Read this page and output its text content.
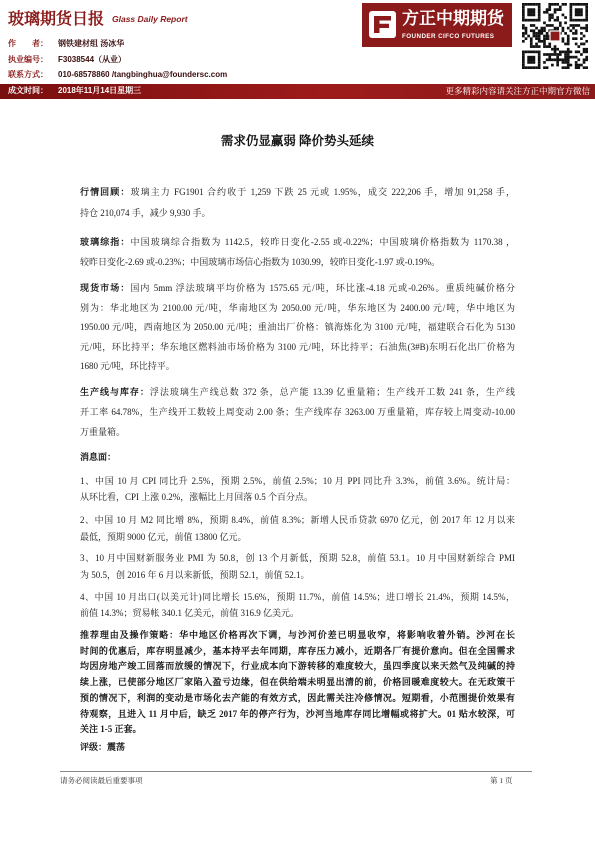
玻璃期货日报 Glass Daily Report
作　　者： 钢铁建材组 汤冰华
执业编号： F3038544（从业）
联系方式： 010-68578860 /tangbinghua@foundersc.com
成文时间： 2018年11月14日星期三	更多精彩内容请关注方正中期官方微信
方正中期期货
FOUNDER CIFCO FUTURES
需求仍显赢弱 降价势头延续
行情回顾：玻璃主力 FG1901 合约收于 1,259 下跌 25 元或 1.95%，成交 222,206 手，增加 91,258 手，
持仓 210,074 手，减少 9,930 手。
玻璃综指：中国玻璃综合指数为 1142.5，较昨日变化-2.55 或-0.22%；中国玻璃价格指数为 1170.38 ，
较昨日变化-2.69 或-0.23%；中国玻璃市场信心指数为 1030.99，较昨日变化-1.97 或-0.19%。
现货市场：国内 5mm 浮法玻璃平均价格为 1575.65 元/吨，环比涨-4.18 元或-0.26%。重质纯碱价格分
别为：华北地区为 2100.00 元/吨，华南地区为 2050.00 元/吨，华东地区为 2400.00 元/吨，华中地区为
1950.00 元/吨，西南地区为 2050.00 元/吨；重油出厂价格：镇海炼化为 3100 元/吨，福建联合石化为 5130
元/吨，环比持平；华东地区燃料油市场价格为 3100 元/吨，环比持平；石油焦(3#B)东明石化出厂价格为
1680 元/吨，环比持平。
生产线与库存：浮法玻璃生产线总数 372 条，总产能 13.39 亿重量箱；生产线开工数 241 条，生产线
开工率 64.78%，生产线开工数较上周变动 2.00 条；生产线库存 3263.00 万重量箱，库存较上周变动-10.00
万重量箱。
消息面：
1、中国 10 月 CPI 同比升 2.5%，预期 2.5%，前值 2.5%；10 月 PPI 同比升 3.3%，前值 3.6%。统计局：
从环比看，CPI 上涨 0.2%，涨幅比上月回落 0.5 个百分点。
2、中国 10 月 M2 同比增 8%，预期 8.4%，前值 8.3%；新增人民币贷款 6970 亿元，创 2017 年 12 月以来
最低，预期 9000 亿元，前值 13800 亿元。
3、10 月中国财新服务业 PMI 为 50.8，创 13 个月新低，预期 52.8，前值 53.1。10 月中国财新综合 PMI
为 50.5，创 2016 年 6 月以来新低，预期 52.1，前值 52.1。
4、中国 10 月出口(以美元计)同比增长 15.6%，预期 11.7%，前值 14.5%；进口增长 21.4%，预期 14.5%，
前值 14.3%；贸易帐 340.1 亿美元，前值 316.9 亿美元。
推荐理由及操作策略：华中地区价格再次下调，与沙河价差已明显收窄，将影响收着外销。沙河在长
时间的优惠后，库存明显减少，基本持平去年同期，库存压力减小，近期各厂有提价意向。但在全国需求
均因房地产竣工回落而放缓的情况下，行业成本向下游转移的难度较大，虽四季度以来天然气及纯碱的持
续上涨，已使部分地区厂家陷入盈亏边缘，但在供给端未明显出清的前，价格回暖难度较大。在无政策干
预的情况下，利润的变动是市场化去产能的有效方式，因此需关注冷修情况。短期看，小范围提价效果有
待观察，且进入 11 月中后，缺乏 2017 年的停产行为，沙河当地库存同比增幅或将扩大。01 贴水较深，可
关注 1-5 正套。
评级：震荡
请务必阅读最后重要事项	第 1 页
